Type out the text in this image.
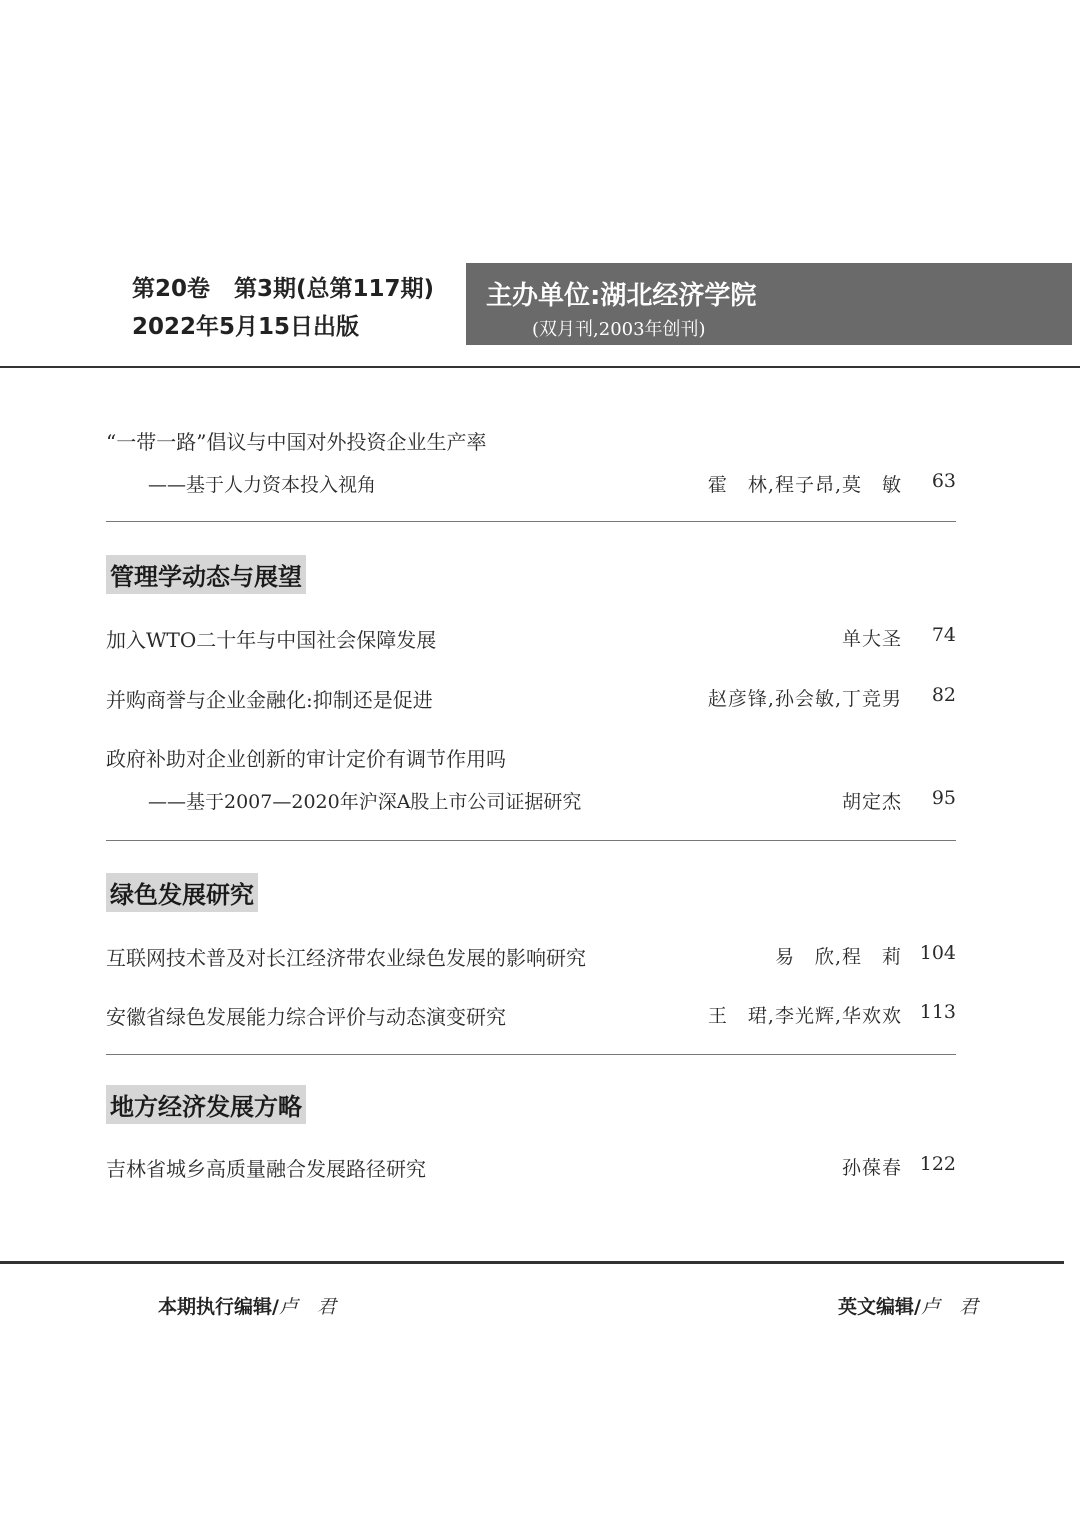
第20卷 第3期(总第117期)
2022年5月15日出版
主办单位:湖北经济学院
(双月刊,2003年创刊)
“一带一路”倡议与中国对外投资企业生产率
——基于人力资本投入视角	霍　林,程子昂,莫　敏 63
管理学动态与展望
加入WTO二十年与中国社会保障发展	单大圣 74
并购商誉与企业金融化:抑制还是促进	赵彦锋,孙会敏,丁竞男 82
政府补助对企业创新的审计定价有调节作用吗
——基于2007—2020年沪深A股上市公司证据研究	胡定杰 95
绿色发展研究
互联网技术普及对长江经济带农业绿色发展的影响研究	易　欣,程　莉 104
安徽省绿色发展能力综合评价与动态演变研究	王　珺,李光辉,华欢欢 113
地方经济发展方略
吉林省城乡高质量融合发展路径研究	孙葆春 122
本期执行编辑/卢　君	英文编辑/卢　君
